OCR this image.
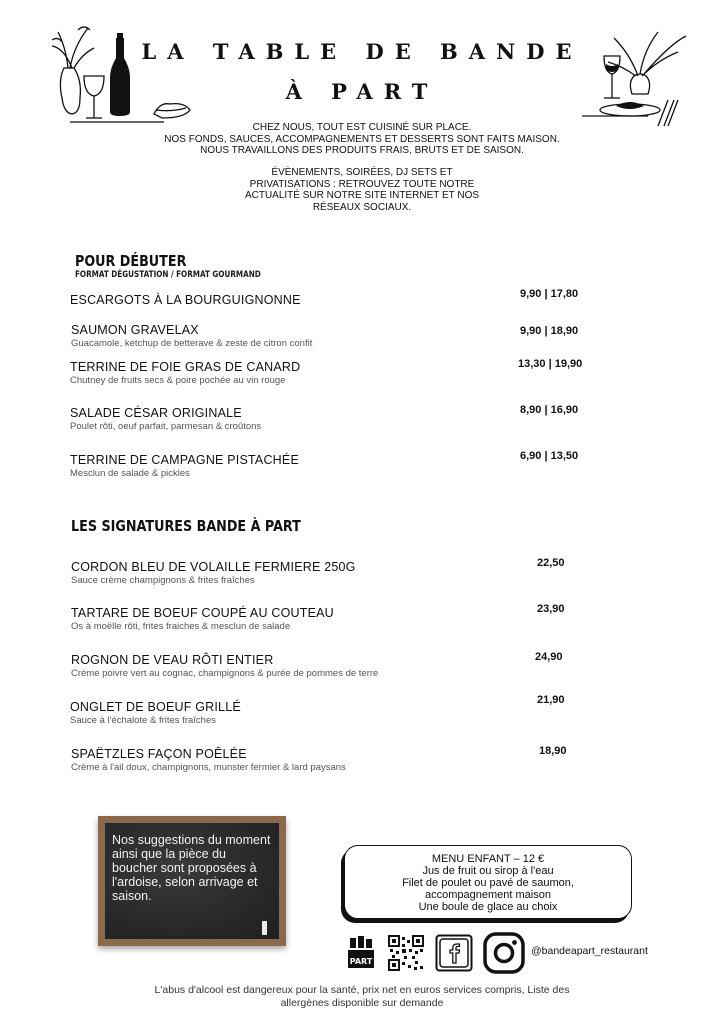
LA TABLE DE BANDE
À PART
CHEZ NOUS, TOUT EST CUISINÉ SUR PLACE.
NOS FONDS, SAUCES, ACCOMPAGNEMENTS ET DESSERTS SONT FAITS MAISON.
NOUS TRAVAILLONS DES PRODUITS FRAIS, BRUTS ET DE SAISON.
ÉVÈNEMENTS, SOIRÉES, DJ SETS ET
PRIVATISATIONS : RETROUVEZ TOUTE NOTRE
ACTUALITÉ SUR NOTRE SITE INTERNET ET NOS
RÉSEAUX SOCIAUX.
POUR DÉBUTER
FORMAT DÉGUSTATION / FORMAT GOURMAND
ESCARGOTS À LA BOURGUIGNONNE	9,90 | 17,80
SAUMON GRAVELAX
Guacamole, ketchup de betterave & zeste de citron confit
9,90 | 18,90
TERRINE DE FOIE GRAS DE CANARD
Chutney de fruits secs & poire pochée au vin rouge
13,30 | 19,90
SALADE CÉSAR ORIGINALE
Poulet rôti, oeuf parfait, parmesan & croûtons
8,90 | 16,90
TERRINE DE CAMPAGNE PISTACHÉE
Mesclun de salade & pickles
6,90 | 13,50
LES SIGNATURES BANDE À PART
CORDON BLEU DE VOLAILLE FERMIERE 250G
Sauce crème champignons & frites fraîches
22,50
TARTARE DE BOEUF COUPÉ AU COUTEAU
Os à moëlle rôti, frites fraiches & mesclun de salade
23,90
ROGNON DE VEAU RÔTI ENTIER
Crème poivre vert au cognac, champignons & purée de pommes de terre
24,90
ONGLET DE BOEUF GRILLÉ
Sauce à l'échalote & frites fraîches
21,90
SPAËTZLES FAÇON POÊLÉE
Crème à l'ail doux, champignons, munster fermier & lard paysans
18,90
Nos suggestions du moment ainsi que la pièce du boucher sont proposées à l'ardoise, selon arrivage et saison.
MENU ENFANT – 12 €
Jus de fruit ou sirop à l'eau
Filet de poulet ou pavé de saumon,
accompagnement maison
Une boule de glace au choix
PART
@bandeapart_restaurant
L'abus d'alcool est dangereux pour la santé, prix net en euros services compris, Liste des allergènes disponible sur demande
